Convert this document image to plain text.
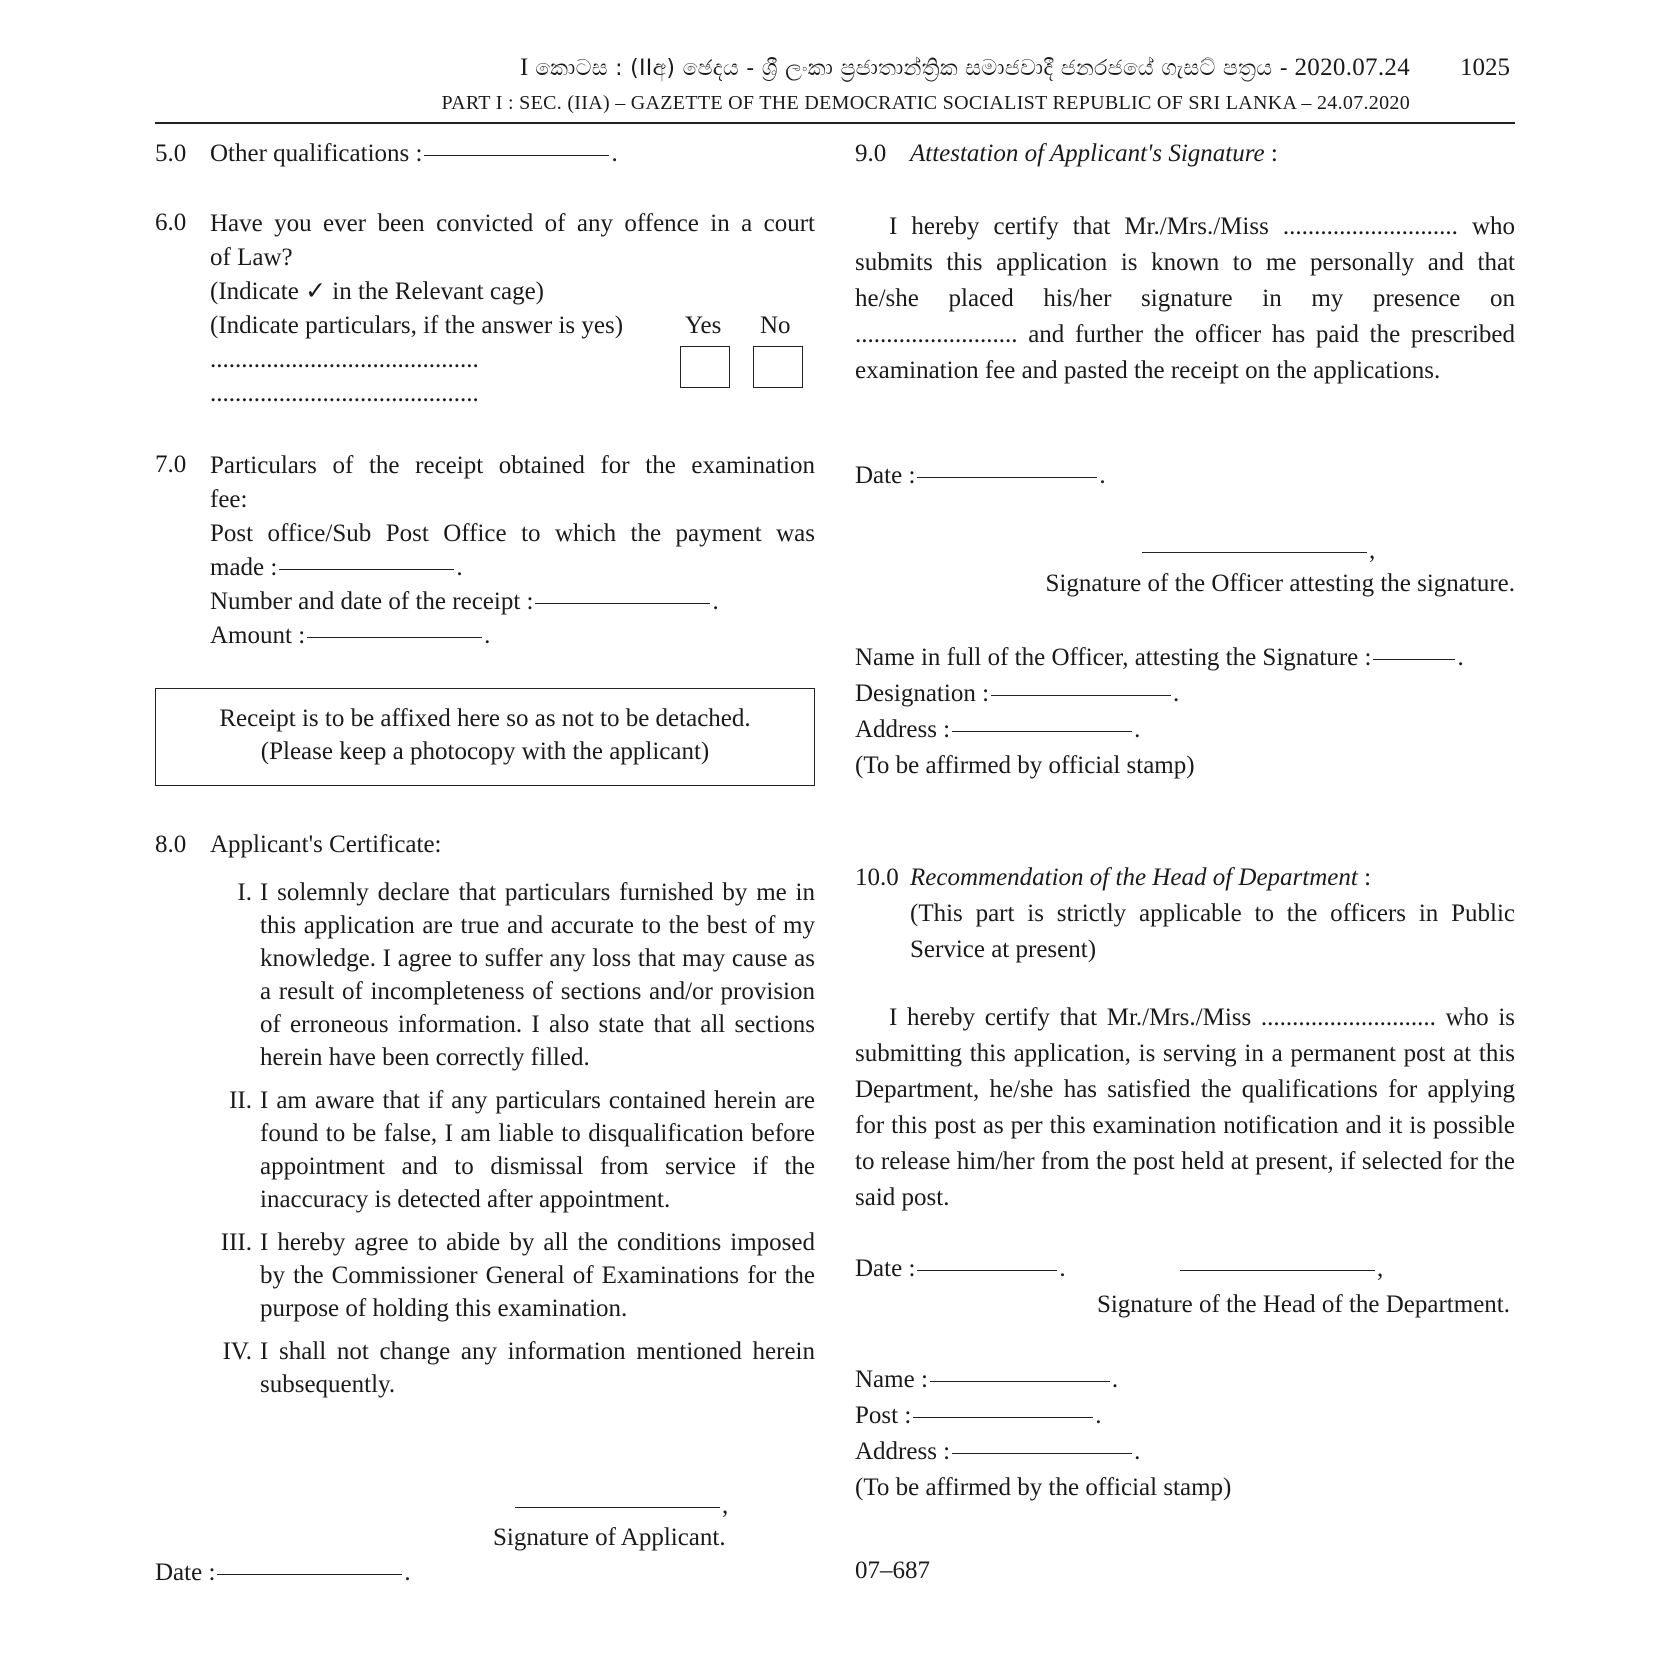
I කොටස : (IIඅ) ඡෙදය - ශ්‍රී ලංකා ප්‍රජාතාන්ත්‍රික සමාජවාදී ජනරජයේ ගැසට් පත්‍රය - 2020.07.24 1025
PART I : SEC. (IIA) – GAZETTE OF THE DEMOCRATIC SOCIALIST REPUBLIC OF SRI LANKA – 24.07.2020
5.0 Other qualifications :	.
6.0 Have you ever been convicted of any offence in a court

of Law?

(Indicate ✓ in the Relevant cage)

(Indicate particulars, if the answer is yes)

...........................................

...........................................

Yes No
7.0 Particulars of the receipt obtained for the examination

fee:

Post office/Sub Post Office to which the payment was

made :	.

Number and date of the receipt :	.

Amount :	.

Receipt is to be affixed here so as not to be detached.

(Please keep a photocopy with the applicant)

8.0 Applicant's Certificate:

I. I solemnly declare that particulars furnished by me in this application are true and accurate to the best of my knowledge. I agree to suffer any loss that may cause as a result of incompleteness of sections and/or provision of erroneous information. I also state that all sections herein have been correctly filled.
II. I am aware that if any particulars contained herein are found to be false, I am liable to disqualification before appointment and to dismissal from service if the inaccuracy is detected after appointment.
III. I hereby agree to abide by all the conditions imposed by the Commissioner General of Examinations for the purpose of holding this examination.
IV. I shall not change any information mentioned herein subsequently.
,
Signature of Applicant.
Date :	.
9.0 Attestation of Applicant's Signature :

I hereby certify that Mr./Mrs./Miss ............................ who submits this application is known to me personally and that he/she placed his/her signature in my presence on .......................... and further the officer has paid the prescribed examination fee and pasted the receipt on the applications.

Date :	.
,
Signature of the Officer attesting the signature.

Name in full of the Officer, attesting the Signature :	.

Designation :	.

Address :	.

(To be affirmed by official stamp)

10.0 Recommendation of the Head of Department :

(This part is strictly applicable to the officers in Public Service at present)

I hereby certify that Mr./Mrs./Miss ............................ who is submitting this application, is serving in a permanent post at this Department, he/she has satisfied the qualifications for applying for this post as per this examination notification and it is possible to release him/her from the post held at present, if selected for the said post.

Date :	.	,
Signature of the Head of the Department.

Name :	.

Post :	.

Address :	.

(To be affirmed by the official stamp)

07–687
